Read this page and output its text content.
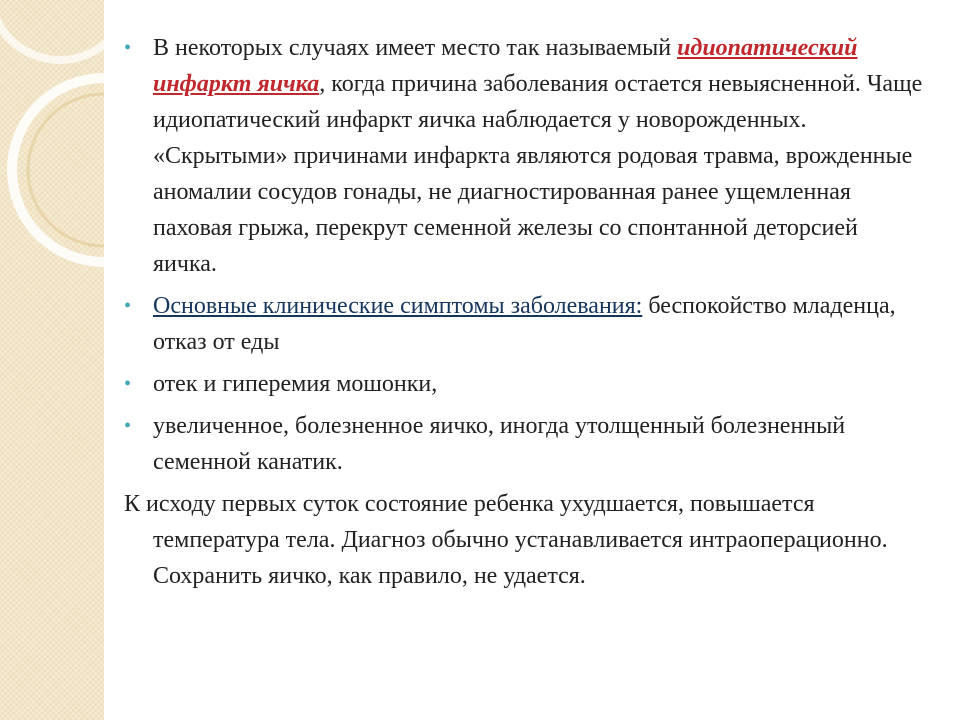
• В некоторых случаях имеет место так называемый идиопатический инфаркт яичка, когда причина заболевания остается невыясненной. Чаще идиопатический инфаркт яичка наблюдается у новорожденных. «Скрытыми» причинами инфаркта являются родовая травма, врожденные аномалии сосудов гонады, не диагностированная ранее ущемленная паховая грыжа, перекрут семенной железы со спонтанной деторсией яичка.
• Основные клинические симптомы заболевания: беспокойство младенца, отказ от еды
• отек и гиперемия мошонки,
• увеличенное, болезненное яичко, иногда утолщенный болезненный семенной канатик.
К исходу первых суток состояние ребенка ухудшается, повышается температура тела. Диагноз обычно устанавливается интраоперационно. Сохранить яичко, как правило, не удается.
